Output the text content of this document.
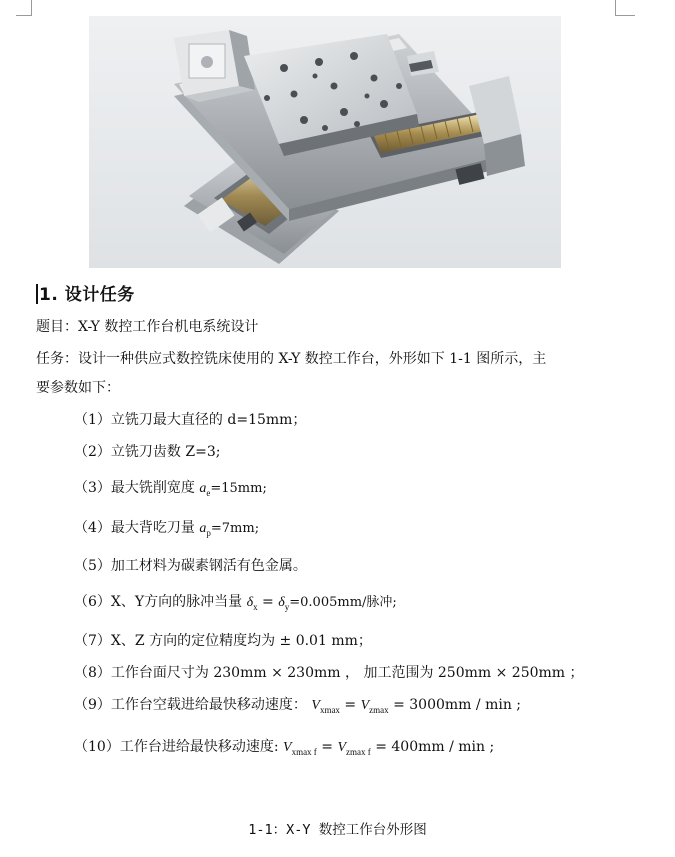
1. 设计任务
题目：X-Y 数控工作台机电系统设计
任务：设计一种供应式数控铣床使用的 X-Y 数控工作台，外形如下 1-1 图所示，主
要参数如下：
（1）立铣刀最大直径的 d=15mm；
（2）立铣刀齿数 Z=3;
（3）最大铣削宽度 $a_e=15mm$;
（4）最大背吃刀量 $a_p=7mm$;
（5）加工材料为碳素钢活有色金属。
（6）X、Y方向的脉冲当量 $\delta_x = \delta_y=0.005mm/$脉冲;
（7）X、Z 方向的定位精度均为 ± 0.01 mm；
（8）工作台面尺寸为 230mm × 230mm ， 加工范围为 250mm × 250mm ；
（9）工作台空载进给最快移动速度： $V_{xmax} = V_{zmax} = 3000mm / \min$ ;
（10）工作台进给最快移动速度: $V_{xmax f} = V_{zmax f} = 400mm / \min$ ;
1-1：X-Y 数控工作台外形图
